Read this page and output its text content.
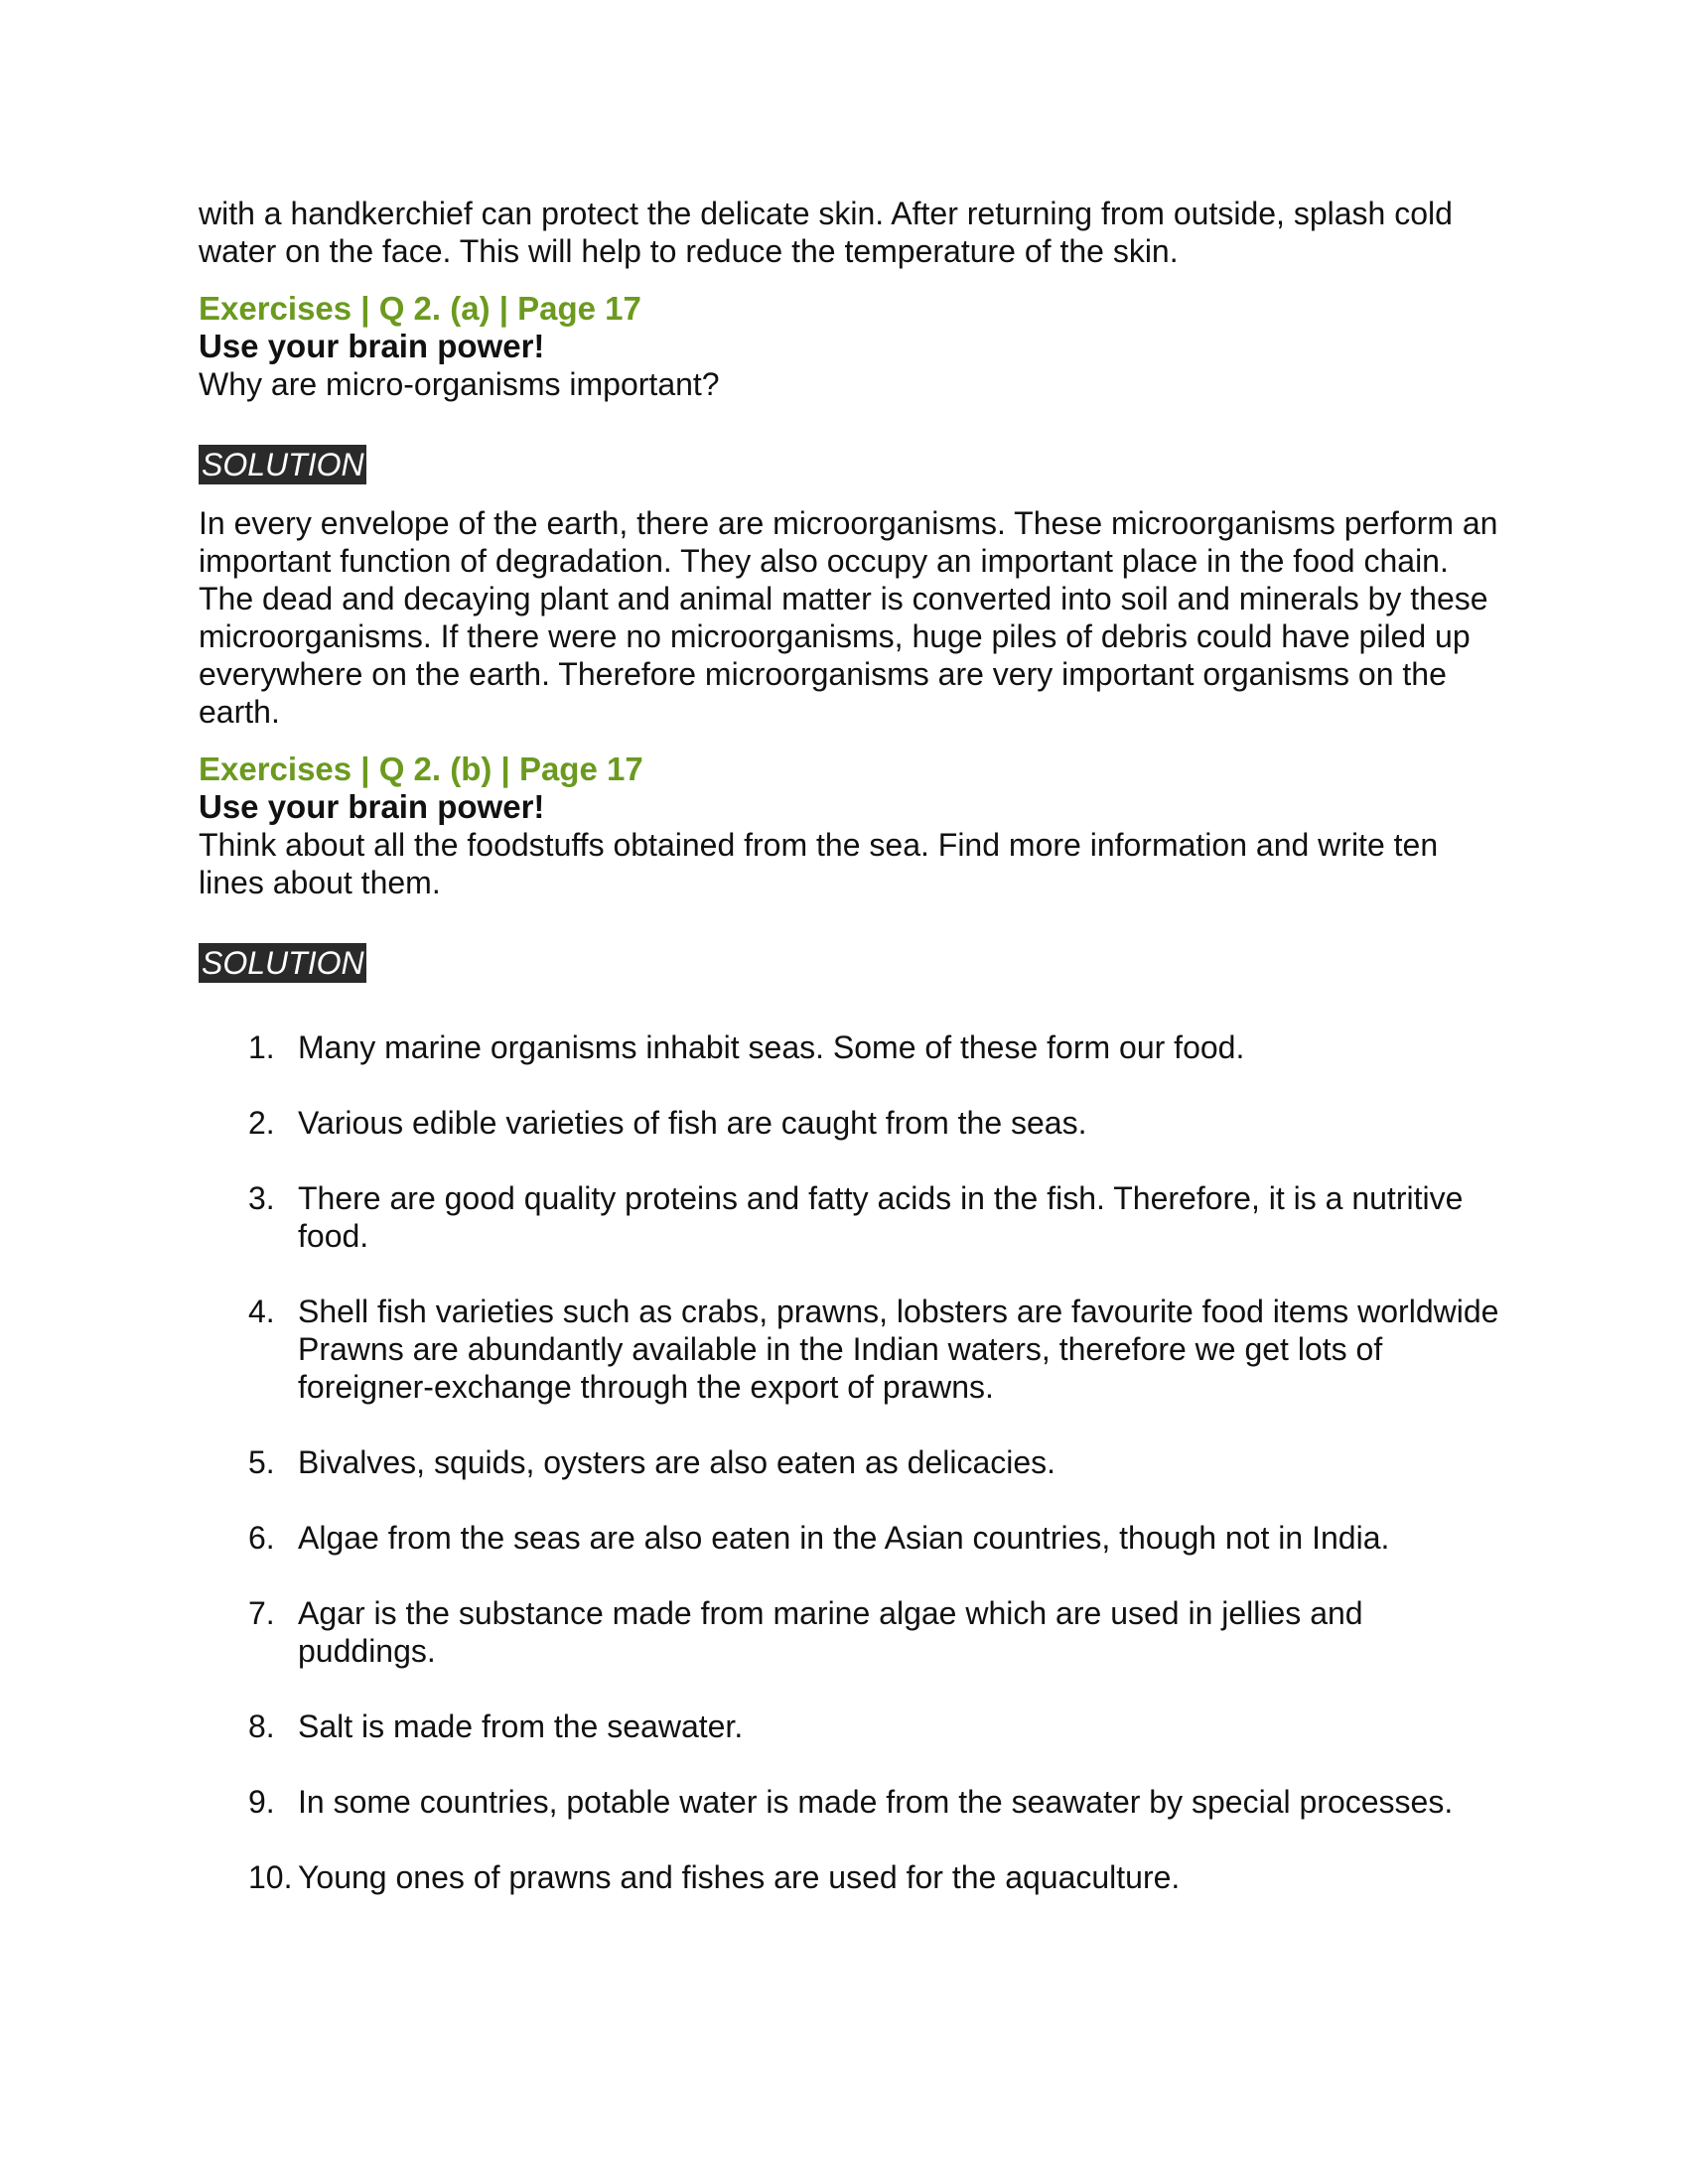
with a handkerchief can protect the delicate skin. After returning from outside, splash cold water on the face. This will help to reduce the temperature of the skin.

Exercises | Q 2. (a) | Page 17

Use your brain power!

Why are micro-organisms important?

SOLUTION

In every envelope of the earth, there are microorganisms. These microorganisms perform an important function of degradation. They also occupy an important place in the food chain. The dead and decaying plant and animal matter is converted into soil and minerals by these microorganisms. If there were no microorganisms, huge piles of debris could have piled up everywhere on the earth. Therefore microorganisms are very important organisms on the earth.

Exercises | Q 2. (b) | Page 17

Use your brain power!

Think about all the foodstuffs obtained from the sea. Find more information and write ten lines about them.

SOLUTION
1. Many marine organisms inhabit seas. Some of these form our food.
2. Various edible varieties of fish are caught from the seas.
3. There are good quality proteins and fatty acids in the fish. Therefore, it is a nutritive food.
4. Shell fish varieties such as crabs, prawns, lobsters are favourite food items worldwide Prawns are abundantly available in the Indian waters, therefore we get lots of foreigner-exchange through the export of prawns.
5. Bivalves, squids, oysters are also eaten as delicacies.
6. Algae from the seas are also eaten in the Asian countries, though not in India.
7. Agar is the substance made from marine algae which are used in jellies and puddings.
8. Salt is made from the seawater.
9. In some countries, potable water is made from the seawater by special processes.
10. Young ones of prawns and fishes are used for the aquaculture.
